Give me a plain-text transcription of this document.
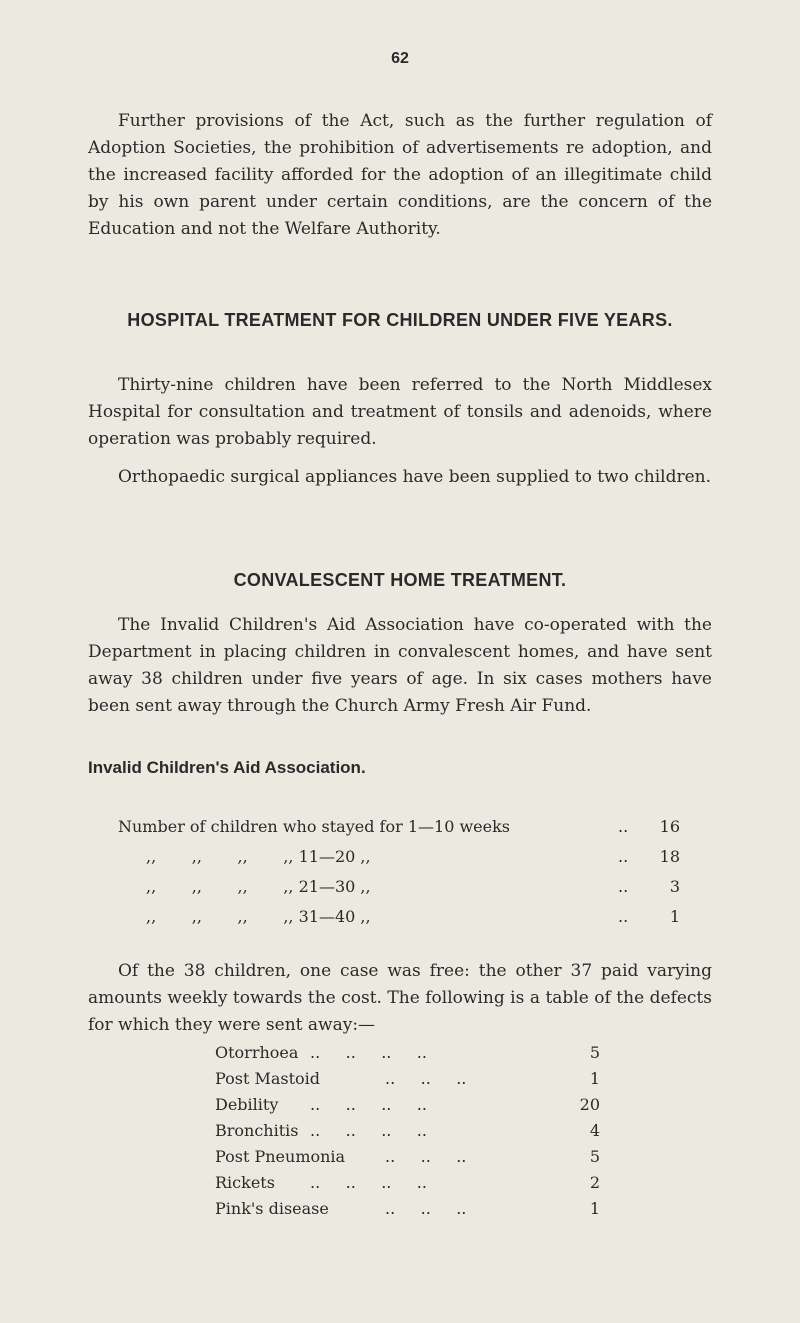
62

Further provisions of the Act, such as the further regulation of Adoption Societies, the prohibition of advertisements re adoption, and the increased facility afforded for the adoption of an illegitimate child by his own parent under certain conditions, are the concern of the Education and not the Welfare Authority.

HOSPITAL TREATMENT FOR CHILDREN UNDER FIVE YEARS.

Thirty-nine children have been referred to the North Middlesex Hospital for consultation and treatment of tonsils and adenoids, where operation was probably required.

Orthopaedic surgical appliances have been supplied to two children.

CONVALESCENT HOME TREATMENT.

The Invalid Children's Aid Association have co-operated with the Department in placing children in convalescent homes, and have sent away 38 children under five years of age. In six cases mothers have been sent away through the Church Army Fresh Air Fund.

Invalid Children's Aid Association.
Number of children who stayed for 1—10 weeks	..	16
,,       ,,       ,,       ,, 11—20 ,,	..	18
,,       ,,       ,,       ,, 21—30 ,,	..	3
,,       ,,       ,,       ,, 31—40 ,,	..	1

Of the 38 children, one case was free: the other 37 paid varying amounts weekly towards the cost. The following is a table of the defects for which they were sent away:—

Otorrhoea ..     ..     ..     ..	5
Post Mastoid	..     ..     ..	1
Debility ..     ..     ..     ..	20
Bronchitis ..     ..     ..     ..	4
Post Pneumonia ..     ..     ..	5
Rickets ..     ..     ..     ..	2
Pink's disease	..     ..     ..	1
